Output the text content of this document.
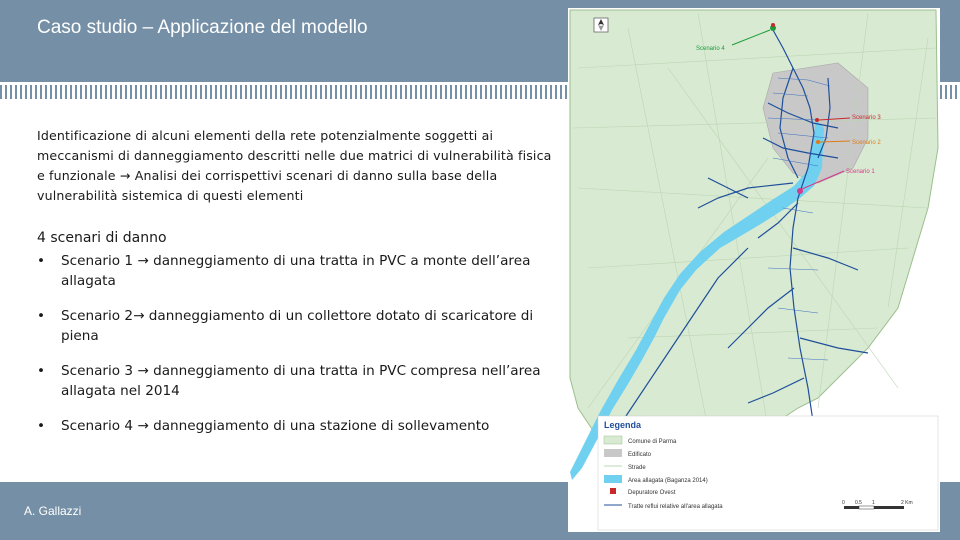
Caso studio – Applicazione del modello

Identificazione di alcuni elementi della rete potenzialmente soggetti ai meccanismi di danneggiamento descritti nelle due matrici di vulnerabilità fisica e funzionale → Analisi dei corrispettivi scenari di danno sulla base della vulnerabilità sistemica di questi elementi

4 scenari di danno

• Scenario 1 → danneggiamento di una tratta in PVC a monte dell’area allagata
• Scenario 2→ danneggiamento di un collettore dotato di scaricatore di piena
• Scenario 3 → danneggiamento di una tratta in PVC compresa nell’area allagata nel 2014
• Scenario 4 → danneggiamento di una stazione di sollevamento
A. Gallazzi
Scenario 4
Scenario 3
Scenario 2
Scenario 1
Legenda
Comune di Parma
Edificato
Strade
Area allagata (Baganza 2014)
Depuratore Ovest
Tratte reflui relative all'area allagata
0 0.5 1	2 Km
